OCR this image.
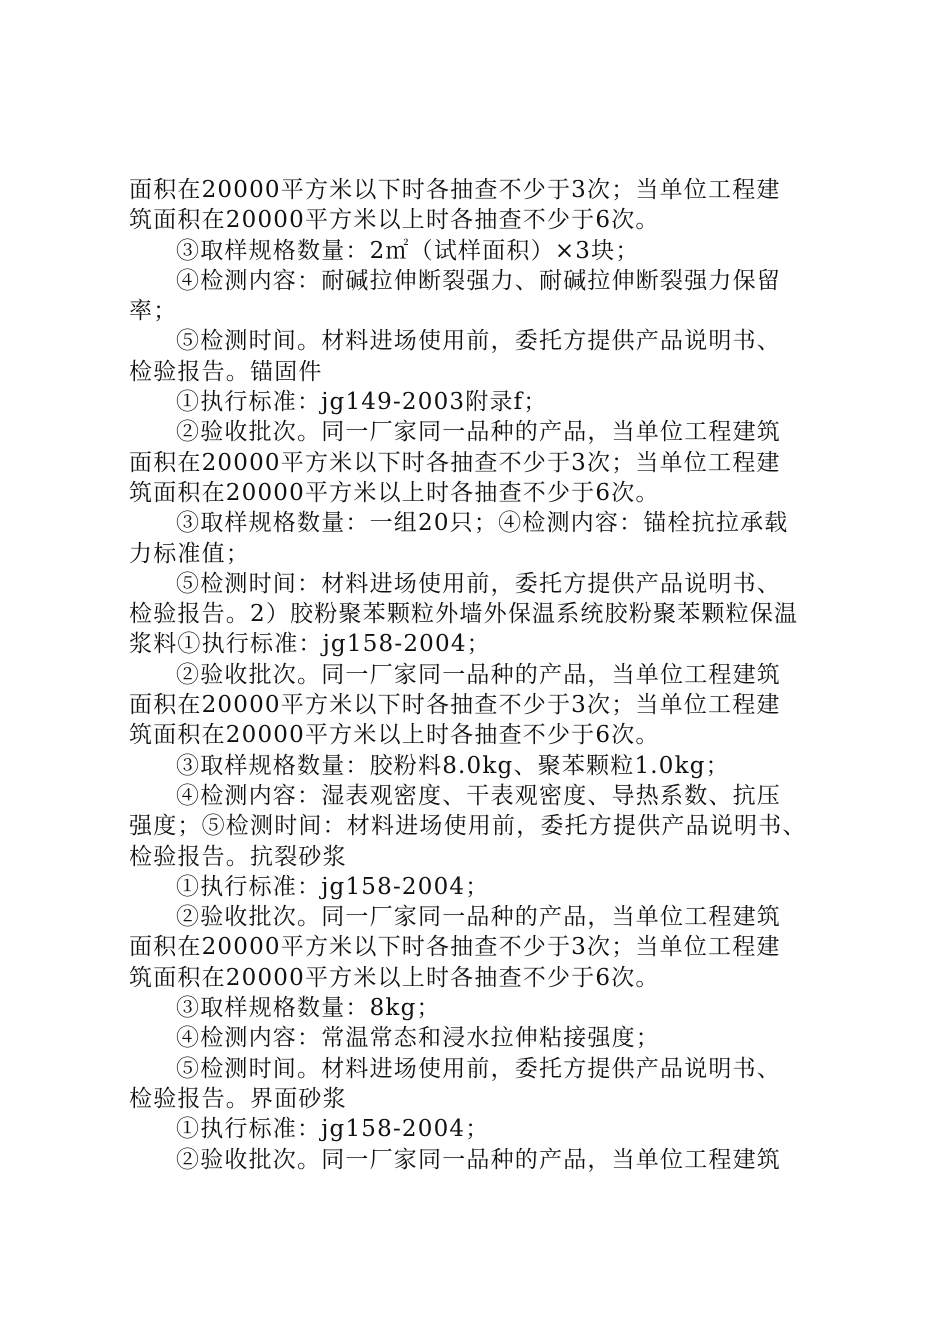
面积在20000平方米以下时各抽查不少于3次；当单位工程建
筑面积在20000平方米以上时各抽查不少于6次。
③取样规格数量：2㎡（试样面积）×3块；
④检测内容：耐碱拉伸断裂强力、耐碱拉伸断裂强力保留
率；
⑤检测时间。材料进场使用前，委托方提供产品说明书、
检验报告。锚固件
①执行标准：jg149-2003附录f；
②验收批次。同一厂家同一品种的产品，当单位工程建筑
面积在20000平方米以下时各抽查不少于3次；当单位工程建
筑面积在20000平方米以上时各抽查不少于6次。
③取样规格数量：一组20只；④检测内容：锚栓抗拉承载
力标准值；
⑤检测时间：材料进场使用前，委托方提供产品说明书、
检验报告。2）胶粉聚苯颗粒外墙外保温系统胶粉聚苯颗粒保温
浆料①执行标准：jg158-2004；
②验收批次。同一厂家同一品种的产品，当单位工程建筑
面积在20000平方米以下时各抽查不少于3次；当单位工程建
筑面积在20000平方米以上时各抽查不少于6次。
③取样规格数量：胶粉料8.0kg、聚苯颗粒1.0kg；
④检测内容：湿表观密度、干表观密度、导热系数、抗压
强度；⑤检测时间：材料进场使用前，委托方提供产品说明书、
检验报告。抗裂砂浆
①执行标准：jg158-2004；
②验收批次。同一厂家同一品种的产品，当单位工程建筑
面积在20000平方米以下时各抽查不少于3次；当单位工程建
筑面积在20000平方米以上时各抽查不少于6次。
③取样规格数量：8kg；
④检测内容：常温常态和浸水拉伸粘接强度；
⑤检测时间。材料进场使用前，委托方提供产品说明书、
检验报告。界面砂浆
①执行标准：jg158-2004；
②验收批次。同一厂家同一品种的产品，当单位工程建筑
